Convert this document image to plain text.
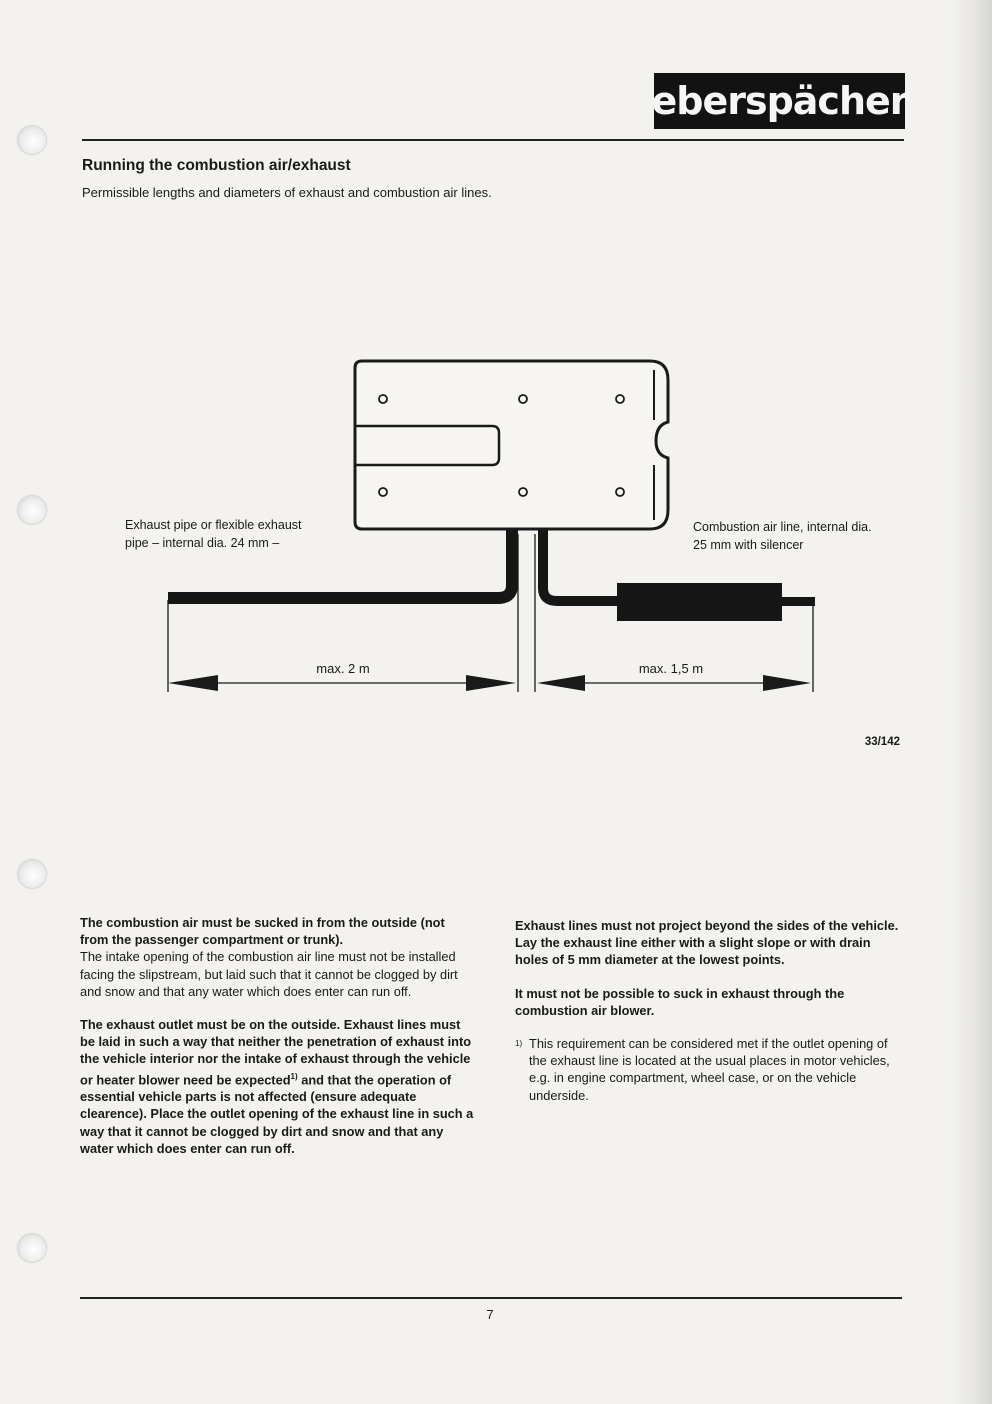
eberspächer
Running the combustion air/exhaust

Permissible lengths and diameters of exhaust and combustion air lines.

max. 2 m	max. 1,5 m

Exhaust pipe or flexible exhaust
pipe – internal dia. 24 mm –

Combustion air line, internal dia.
25 mm with silencer

33/142

The combustion air must be sucked in from the outside (not from the passenger compartment or trunk).
The intake opening of the combustion air line must not be installed facing the slipstream, but laid such that it cannot be clogged by dirt and snow and that any water which does enter can run off.

The exhaust outlet must be on the outside. Exhaust lines must be laid in such a way that neither the penetration of exhaust into the vehicle interior nor the intake of exhaust through the vehicle or heater blower need be expected$^{1)}$ and that the operation of essential vehicle parts is not affected (ensure adequate clearence). Place the outlet opening of the exhaust line in such a way that it cannot be clogged by dirt and snow and that any water which does enter can run off.

Exhaust lines must not project beyond the sides of the vehicle. Lay the exhaust line either with a slight slope or with drain holes of 5 mm diameter at the lowest points.

It must not be possible to suck in exhaust through the combustion air blower.

1) This requirement can be considered met if the outlet opening of the exhaust line is located at the usual places in motor vehicles, e.g. in engine compartment, wheel case, or on the vehicle underside.
7
